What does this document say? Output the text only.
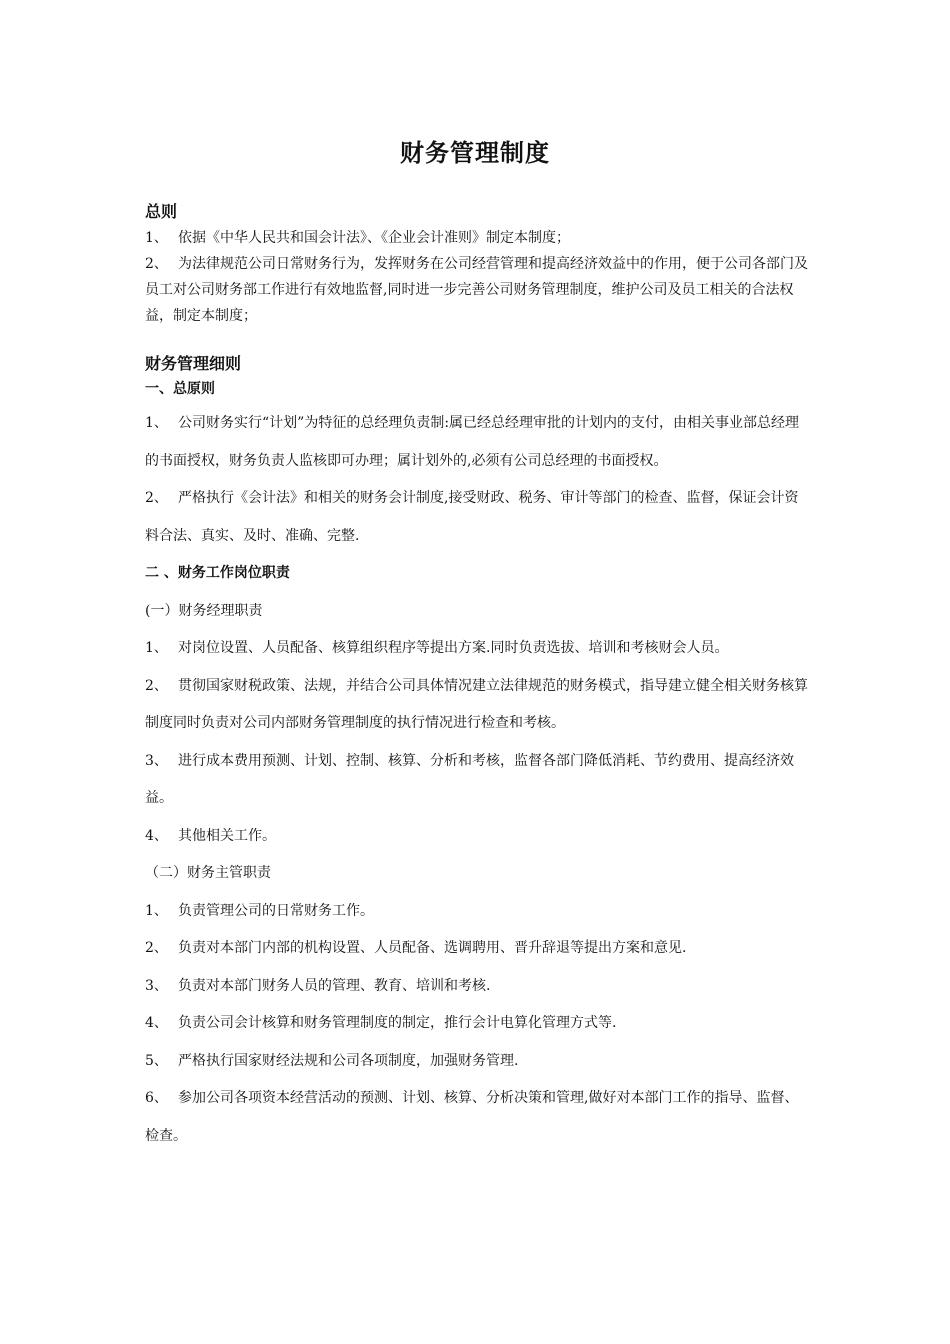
财务管理制度
总则

1、 依据《中华人民共和国会计法》、《企业会计准则》制定本制度；

2、 为法律规范公司日常财务行为，发挥财务在公司经营管理和提高经济效益中的作用，便于公司各部门及员工对公司财务部工作进行有效地监督,同时进一步完善公司财务管理制度，维护公司及员工相关的合法权益，制定本制度；

财务管理细则
一、总原则

1、 公司财务实行“计划”为特征的总经理负责制:属已经总经理审批的计划内的支付，由相关事业部总经理的书面授权，财务负责人监核即可办理；属计划外的,必须有公司总经理的书面授权。

2、 严格执行《会计法》和相关的财务会计制度,接受财政、税务、审计等部门的检查、监督，保证会计资料合法、真实、及时、准确、完整.

二 、财务工作岗位职责
(一）财务经理职责

1、 对岗位设置、人员配备、核算组织程序等提出方案.同时负责选拔、培训和考核财会人员。

2、 贯彻国家财税政策、法规，并结合公司具体情况建立法律规范的财务模式，指导建立健全相关财务核算制度同时负责对公司内部财务管理制度的执行情况进行检查和考核。

3、 进行成本费用预测、计划、控制、核算、分析和考核，监督各部门降低消耗、节约费用、提高经济效益。

4、 其他相关工作。

（二）财务主管职责

1、 负责管理公司的日常财务工作。

2、 负责对本部门内部的机构设置、人员配备、选调聘用、晋升辞退等提出方案和意见.

3、 负责对本部门财务人员的管理、教育、培训和考核.

4、 负责公司会计核算和财务管理制度的制定，推行会计电算化管理方式等.

5、 严格执行国家财经法规和公司各项制度，加强财务管理.

6、 参加公司各项资本经营活动的预测、计划、核算、分析决策和管理,做好对本部门工作的指导、监督、检查。
